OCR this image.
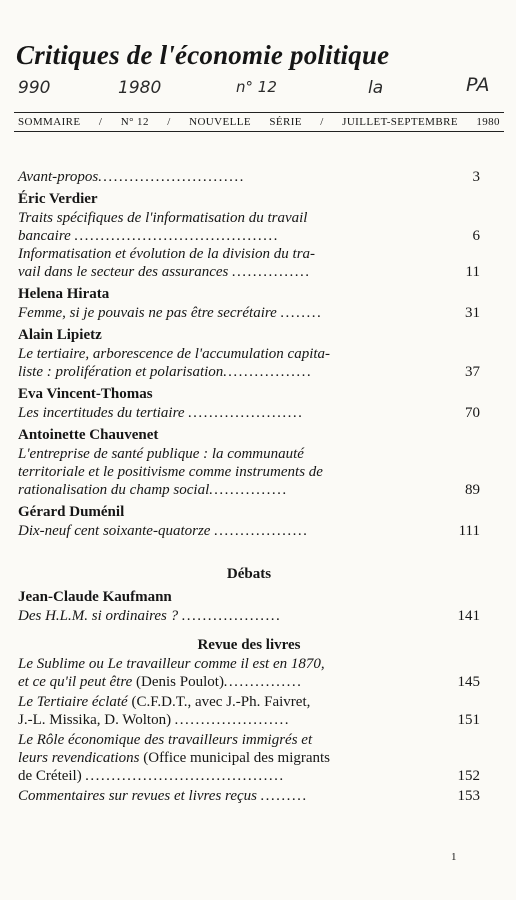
Critiques de l'économie politique
990	1980	n° 12	la	PA
SOMMAIRE / N° 12 / NOUVELLE SÉRIE / JUILLET-SEPTEMBRE 1980
Avant-propos............................	3
Éric Verdier
Traits spécifiques de l'informatisation du travail
bancaire .......................................	6
Informatisation et évolution de la division du tra-
vail dans le secteur des assurances ...............	11
Helena Hirata
Femme, si je pouvais ne pas être secrétaire ........	31
Alain Lipietz
Le tertiaire, arborescence de l'accumulation capita-
liste : prolifération et polarisation.................	37
Eva Vincent-Thomas
Les incertitudes du tertiaire ......................	70
Antoinette Chauvenet
L'entreprise de santé publique : la communauté
territoriale et le positivisme comme instruments de
rationalisation du champ social...............	89
Gérard Duménil
Dix-neuf cent soixante-quatorze ..................	111
Débats
Jean-Claude Kaufmann
Des H.L.M. si ordinaires ? ...................	141
Revue des livres
Le Sublime ou Le travailleur comme il est en 1870,
et ce qu'il peut être (Denis Poulot)...............	145
Le Tertiaire éclaté (C.F.D.T., avec J.-Ph. Faivret,
J.-L. Missika, D. Wolton) ......................	151
Le Rôle économique des travailleurs immigrés et
leurs revendications (Office municipal des migrants
de Créteil) ......................................	152
Commentaires sur revues et livres reçus .........	153
1
